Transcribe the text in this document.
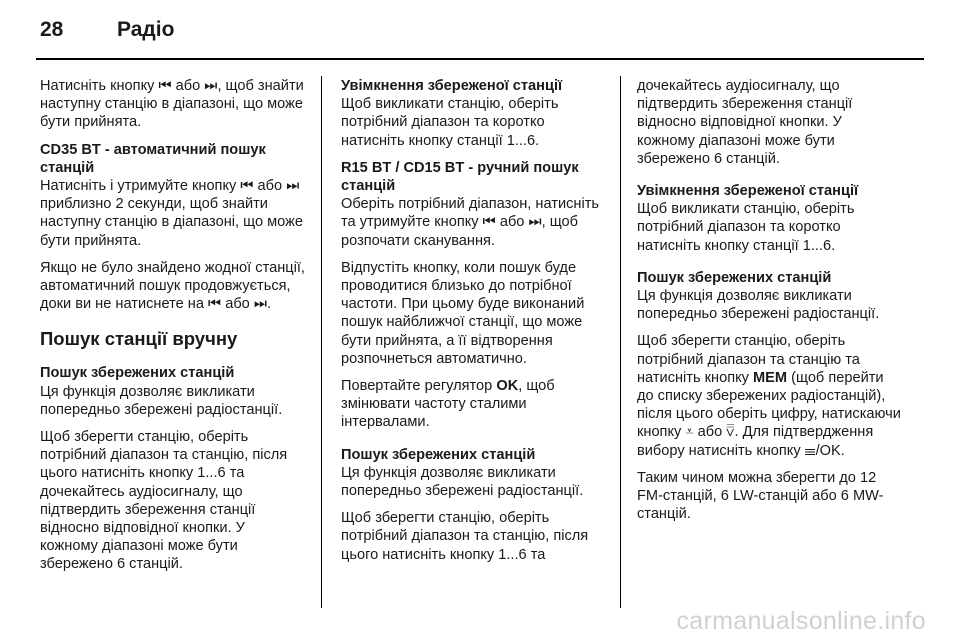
28	Радіо

Натисніть кнопку ⏮ або ⏭, щоб знайти наступну станцію в діапазоні, що може бути прийнята.

CD35 BT - автоматичний пошук станцій

Натисніть і утримуйте кнопку ⏮ або ⏭ приблизно 2 секунди, щоб знайти наступну станцію в діапазоні, що може бути прийнята.

Якщо не було знайдено жодної станції, автоматичний пошук продовжується, доки ви не натиснете на ⏮ або ⏭.

Пошук станції вручну

Пошук збережених станцій

Ця функція дозволяє викликати попередньо збережені радіостанції.

Щоб зберегти станцію, оберіть потрібний діапазон та станцію, після цього натисніть кнопку 1...6 та дочекайтесь аудіосигналу, що підтвердить збереження станції відносно відповідної кнопки. У кожному діапазоні може бути збережено 6 станцій.

Увімкнення збереженої станції

Щоб викликати станцію, оберіть потрібний діапазон та коротко натисніть кнопку станції 1...6.

R15 BT / CD15 BT - ручний пошук станцій

Оберіть потрібний діапазон, натисніть та утримуйте кнопку ⏮ або ⏭, щоб розпочати сканування.

Відпустіть кнопку, коли пошук буде проводитися близько до потрібної частоти. При цьому буде виконаний пошук найближчої станції, що може бути прийнята, а її відтворення розпочнеться автоматично.

Повертайте регулятор OK, щоб змінювати частоту сталими інтервалами.

Пошук збережених станцій

Ця функція дозволяє викликати попередньо збережені радіостанції.

Щоб зберегти станцію, оберіть потрібний діапазон та станцію, після цього натисніть кнопку 1...6 та

дочекайтесь аудіосигналу, що підтвердить збереження станції відносно відповідної кнопки. У кожному діапазоні може бути збережено 6 станцій.

Увімкнення збереженої станції

Щоб викликати станцію, оберіть потрібний діапазон та коротко натисніть кнопку станції 1...6.

Пошук збережених станцій

Ця функція дозволяє викликати попередньо збережені радіостанції.

Щоб зберегти станцію, оберіть потрібний діапазон та станцію та натисніть кнопку MEM (щоб перейти до списку збережених радіостанцій), після цього оберіть цифру, натискаючи кнопку ⩡ або ⩢. Для підтвердження вибору натисніть кнопку ☰/OK.

Таким чином можна зберегти до 12 FM-станцій, 6 LW-станцій або 6 MW-станцій.

carmanualsonline.info
